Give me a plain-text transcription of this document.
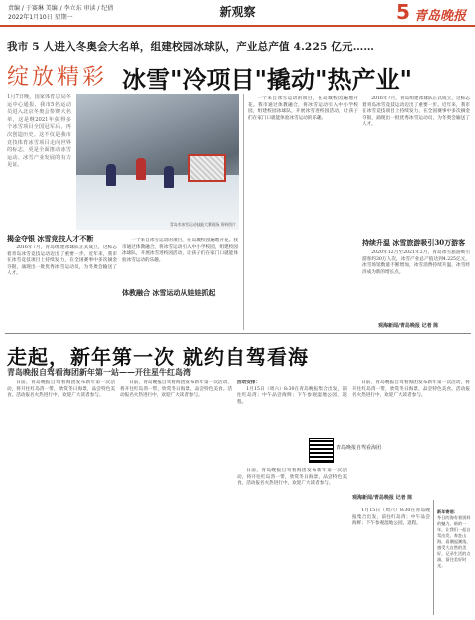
责编 / 于赛琳 美编 / 李立东 审读 / 纪倩
2022年1月10日 星期一	新观察	5 青岛晚报
我市 5 人进入冬奥会大名单，组建校园冰球队，产业总产值 4.225 亿元……
绽放精彩 冰雪"冷项目"撬动"热产业"
1月7日晚，国家体育总局冬运中心通报，我市5名运动员进入北京冬奥会参赛大名单，这是继2021年获得多个冰雪项目全国冠军后，再次创造历史。这不仅是我市竞技体育冰雪项目走向世界的标志，更是全面推动冰雪运动、冰雪产业发展的有力见证。
青岛市冰雪运动技能大赛现场 资料图片
揭金夺银 冰雪竞技人才不断

2016年7月，青岛组建冰球队正式成立，这标志着青岛冰雪竞技运动迈出了重要一步。近年来，我市在冰雪竞技项目上持续发力，在全国赛事中多次摘金夺银，涌现出一批优秀冰雪运动员，为冬奥会输送了人才。

一个来自冰雪运动的项目，在岛城校园遍地开花。我市通过体教融合，将冰雪运动引入中小学校园，组建校园冰球队，开展冰雪进校园活动，让孩子们在家门口就能体验冰雪运动的乐趣。

体教融合 冰雪运动从娃娃抓起

一个来自冰雪运动的项目，在岛城校园遍地开花。我市通过体教融合，将冰雪运动引入中小学校园，组建校园冰球队，开展冰雪进校园活动，让孩子们在家门口就能体验冰雪运动的乐趣。

2016年7月，青岛组建冰球队正式成立，这标志着青岛冰雪竞技运动迈出了重要一步。近年来，我市在冰雪竞技项目上持续发力，在全国赛事中多次摘金夺银，涌现出一批优秀冰雪运动员，为冬奥会输送了人才。

持续升温 冰雪旅游吸引30万游客

2020年12月至2021年2月，青岛冰雪旅游吸引游客约30万人次，冰雪产业总产值达到4.225亿元，冰雪场馆数量不断增加，冰雪消费持续升温，冰雪经济成为新的增长点。

观海新闻/青岛晚报 记者 陈
走起，新年第一次 就约自驾看海
青岛晚报自驾看海团新年第一站——开往星牛红岛湾

日前，青岛晚报自驾看海团发布新年第一次活动，将开往红岛湾一带，欣赏冬日海景，品尝特色美食。活动报名火热进行中，欢迎广大读者参与。

日前，青岛晚报自驾看海团发布新年第一次活动，将开往红岛湾一带，欣赏冬日海景，品尝特色美食。活动报名火热进行中，欢迎广大读者参与。

活动安排：

1月15日（周六）8:30在青岛晚报集合出发，前往红岛湾；中午品尝海鲜；下午参观湿地公园，返程。

青岛晚报自驾看海团

日前，青岛晚报自驾看海团发布新年第一次活动，将开往红岛湾一带，欣赏冬日海景，品尝特色美食。活动报名火热进行中，欢迎广大读者参与。

日前，青岛晚报自驾看海团发布新年第一次活动，将开往红岛湾一带，欣赏冬日海景，品尝特色美食。活动报名火热进行中，欢迎广大读者参与。

观海新闻/青岛晚报 记者 陈
新年寄语：
冬日的海有着别样的魅力。新的一年，让我们一起自驾出发，奔赴山海，看潮起潮落，感受大自然的美好，记录生活的点滴，留住美好时光。

1月15日（周六）8:30在青岛晚报集合出发，前往红岛湾；中午品尝海鲜；下午参观湿地公园，返程。
